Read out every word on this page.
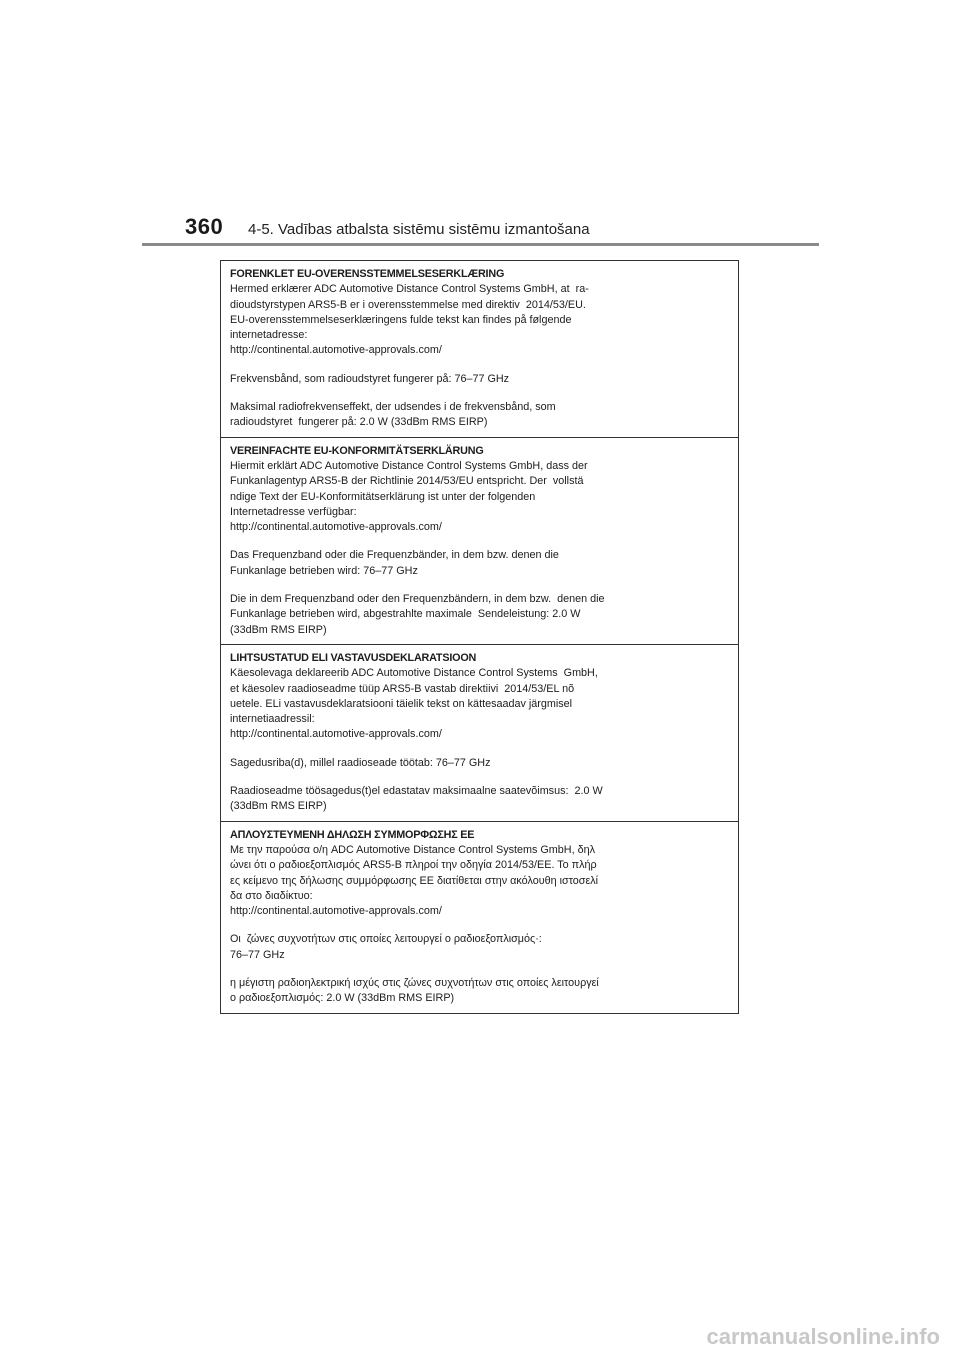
360 4-5. Vadības atbalsta sistēmu sistēmu izmantošana
FORENKLET EU-OVERENSSTEMMELSESERKLÆRING
Hermed erklærer ADC Automotive Distance Control Systems GmbH, at  ra-
dioudstyrstypen ARS5-B er i overensstemmelse med direktiv  2014/53/EU.
EU-overensstemmelseserklæringens fulde tekst kan findes på følgende
internetadresse:
http://continental.automotive-approvals.com/
Frekvensbånd, som radioudstyret fungerer på: 76–77 GHz
Maksimal radiofrekvenseffekt, der udsendes i de frekvensbånd, som
radioudstyret  fungerer på: 2.0 W (33dBm RMS EIRP)
VEREINFACHTE EU-KONFORMITÄTSERKLÄRUNG
Hiermit erklärt ADC Automotive Distance Control Systems GmbH, dass der
Funkanlagentyp ARS5-B der Richtlinie 2014/53/EU entspricht. Der  vollstä
ndige Text der EU-Konformitätserklärung ist unter der folgenden
Internetadresse verfügbar:
http://continental.automotive-approvals.com/
Das Frequenzband oder die Frequenzbänder, in dem bzw. denen die
Funkanlage betrieben wird: 76–77 GHz
Die in dem Frequenzband oder den Frequenzbändern, in dem bzw.  denen die
Funkanlage betrieben wird, abgestrahlte maximale  Sendeleistung: 2.0 W
(33dBm RMS EIRP)
LIHTSUSTATUD ELI VASTAVUSDEKLARATSIOON
Käesolevaga deklareerib ADC Automotive Distance Control Systems  GmbH,
et käesolev raadioseadme tüüp ARS5-B vastab direktiivi  2014/53/EL nõ
uetele. ELi vastavusdeklaratsiooni täielik tekst on kättesaadav järgmisel
internetiaadressil:
http://continental.automotive-approvals.com/
Sagedusriba(d), millel raadioseade töötab: 76–77 GHz
Raadioseadme töösagedus(t)el edastatav maksimaalne saatevõimsus:  2.0 W
(33dBm RMS EIRP)
ΑΠΛΟΥΣΤΕΥΜΕΝΗ ΔΗΛΩΣΗ ΣΥΜΜΟΡΦΩΣΗΣ ΕΕ
Με την παρούσα ο/η ADC Automotive Distance Control Systems GmbH, δηλ
ώνει ότι ο ραδιοεξοπλισμός ARS5-B πληροί την οδηγία 2014/53/ΕΕ. Το πλήρ
ες κείμενο της δήλωσης συμμόρφωσης ΕΕ διατίθεται στην ακόλουθη ιστοσελί
δα στο διαδίκτυο:
http://continental.automotive-approvals.com/
Οι  ζώνες συχνοτήτων στις οποίες λειτουργεί ο ραδιοεξοπλισμός·:
76–77 GHz
η μέγιστη ραδιοηλεκτρική ισχύς στις ζώνες συχνοτήτων στις οποίες λειτουργεί
ο ραδιοεξοπλισμός: 2.0 W (33dBm RMS EIRP)
carmanualsonline.info
